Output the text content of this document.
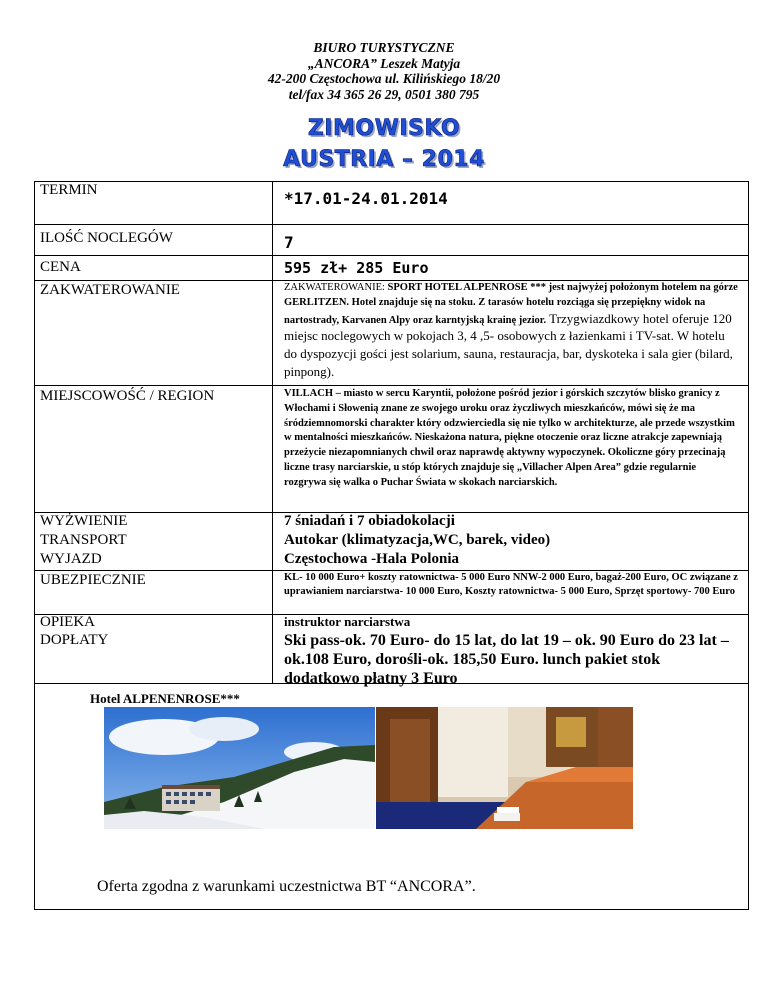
BIURO TURYSTYCZNE
„ANCORA” Leszek Matyja
42-200 Częstochowa ul. Kilińskiego 18/20
tel/fax 34 365 26 29, 0501 380 795
ZIMOWISKO
AUSTRIA – 2014
TERMIN	*17.01-24.01.2014
ILOŚĆ NOCLEGÓW	7
CENA	595 zł+ 285 Euro
ZAKWATEROWANIE	ZAKWATEROWANIE: SPORT HOTEL ALPENROSE *** jest najwyżej położonym hotelem na górze GERLITZEN. Hotel znajduje się na stoku. Z tarasów hotelu rozciąga się przepiękny widok na nartostrady, Karvanen Alpy oraz karntyjską krainę jezior. Trzygwiazdkowy hotel oferuje 120 miejsc noclegowych w pokojach 3, 4 ,5- osobowych z łazienkami i TV-sat. W hotelu do dyspozycji gości jest solarium, sauna, restauracja, bar, dyskoteka i sala gier (bilard, pinpong).
MIEJSCOWOŚĆ / REGION	VILLACH – miasto w sercu Karyntii, położone pośród jezior i górskich szczytów blisko granicy z Włochami i Słowenią znane ze swojego uroku oraz życzliwych mieszkańców, mówi się że ma śródziemnomorski charakter który odzwierciedla się nie tylko w architekturze, ale przede wszystkim w mentalności mieszkańców. Nieskażona natura, piękne otoczenie oraz liczne atrakcje zapewniają przeżycie niezapomnianych chwil oraz naprawdę aktywny wypoczynek. Okoliczne góry przecinają liczne trasy narciarskie, u stóp których znajduje się „Villacher Alpen Area” gdzie regularnie rozgrywa się walka o Puchar Świata w skokach narciarskich.
WYŻWIENIE	7 śniadań i 7 obiadokolacji
TRANSPORT	Autokar (klimatyzacja,WC, barek, video)
WYJAZD	Częstochowa -Hala Polonia
UBEZPIECZNIE	KL- 10 000 Euro+ koszty ratownictwa- 5 000 Euro NNW-2 000 Euro, bagaż-200 Euro, OC związane z uprawianiem narciarstwa- 10 000 Euro, Koszty ratownictwa- 5 000 Euro, Sprzęt sportowy- 700 Euro
OPIEKA	instruktor narciarstwa
DOPŁATY	Ski pass-ok. 70 Euro- do 15 lat, do lat 19 – ok. 90 Euro do 23 lat –ok.108 Euro, dorośli-ok. 185,50 Euro. lunch pakiet stok dodatkowo płatny 3 Euro
Hotel ALPENENROSE***
Oferta zgodna z warunkami uczestnictwa BT “ANCORA”.
